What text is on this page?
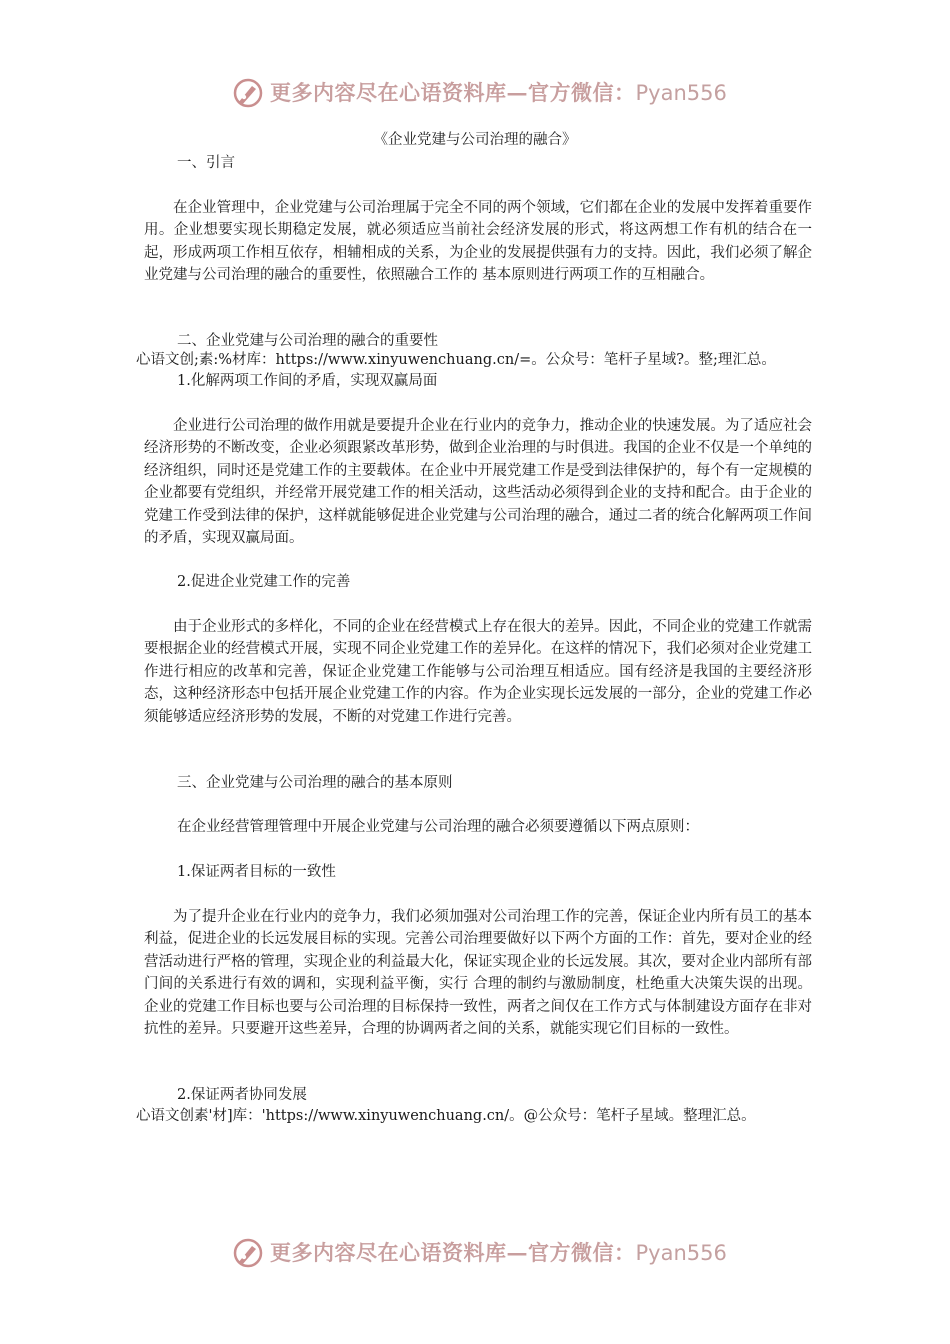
更多内容尽在心语资料库—官方微信：Pyan556
《企业党建与公司治理的融合》
一、引言
在企业管理中，企业党建与公司治理属于完全不同的两个领域，它们都在企业的发展中发挥着重要作用。企业想要实现长期稳定发展，就必须适应当前社会经济发展的形式，将这两想工作有机的结合在一起，形成两项工作相互依存，相辅相成的关系，为企业的发展提供强有力的支持。因此，我们必须了解企业党建与公司治理的融合的重要性，依照融合工作的 基本原则进行两项工作的互相融合。
二、企业党建与公司治理的融合的重要性
心语文创;素:%材库：https://www.xinyuwenchuang.cn/=。公众号：笔杆子星域?。整;理汇总。
1.化解两项工作间的矛盾，实现双赢局面
企业进行公司治理的做作用就是要提升企业在行业内的竞争力，推动企业的快速发展。为了适应社会经济形势的不断改变，企业必须跟紧改革形势，做到企业治理的与时俱进。我国的企业不仅是一个单纯的经济组织，同时还是党建工作的主要载体。在企业中开展党建工作是受到法律保护的，每个有一定规模的企业都要有党组织，并经常开展党建工作的相关活动，这些活动必须得到企业的支持和配合。由于企业的党建工作受到法律的保护，这样就能够促进企业党建与公司治理的融合，通过二者的统合化解两项工作间的矛盾，实现双赢局面。
2.促进企业党建工作的完善
由于企业形式的多样化，不同的企业在经营模式上存在很大的差异。因此，不同企业的党建工作就需要根据企业的经营模式开展，实现不同企业党建工作的差异化。在这样的情况下，我们必须对企业党建工作进行相应的改革和完善，保证企业党建工作能够与公司治理互相适应。国有经济是我国的主要经济形态，这种经济形态中包括开展企业党建工作的内容。作为企业实现长远发展的一部分，企业的党建工作必须能够适应经济形势的发展，不断的对党建工作进行完善。
三、企业党建与公司治理的融合的基本原则
在企业经营管理管理中开展企业党建与公司治理的融合必须要遵循以下两点原则：
1.保证两者目标的一致性
为了提升企业在行业内的竞争力，我们必须加强对公司治理工作的完善，保证企业内所有员工的基本利益，促进企业的长远发展目标的实现。完善公司治理要做好以下两个方面的工作：首先，要对企业的经营活动进行严格的管理，实现企业的利益最大化，保证实现企业的长远发展。其次，要对企业内部所有部门间的关系进行有效的调和，实现利益平衡，实行 合理的制约与激励制度，杜绝重大决策失误的出现。企业的党建工作目标也要与公司治理的目标保持一致性，两者之间仅在工作方式与体制建设方面存在非对抗性的差异。只要避开这些差异，合理的协调两者之间的关系，就能实现它们目标的一致性。
2.保证两者协同发展
心语文创素'材]库：'https://www.xinyuwenchuang.cn/。@公众号：笔杆子星域。整理汇总。
更多内容尽在心语资料库—官方微信：Pyan556
